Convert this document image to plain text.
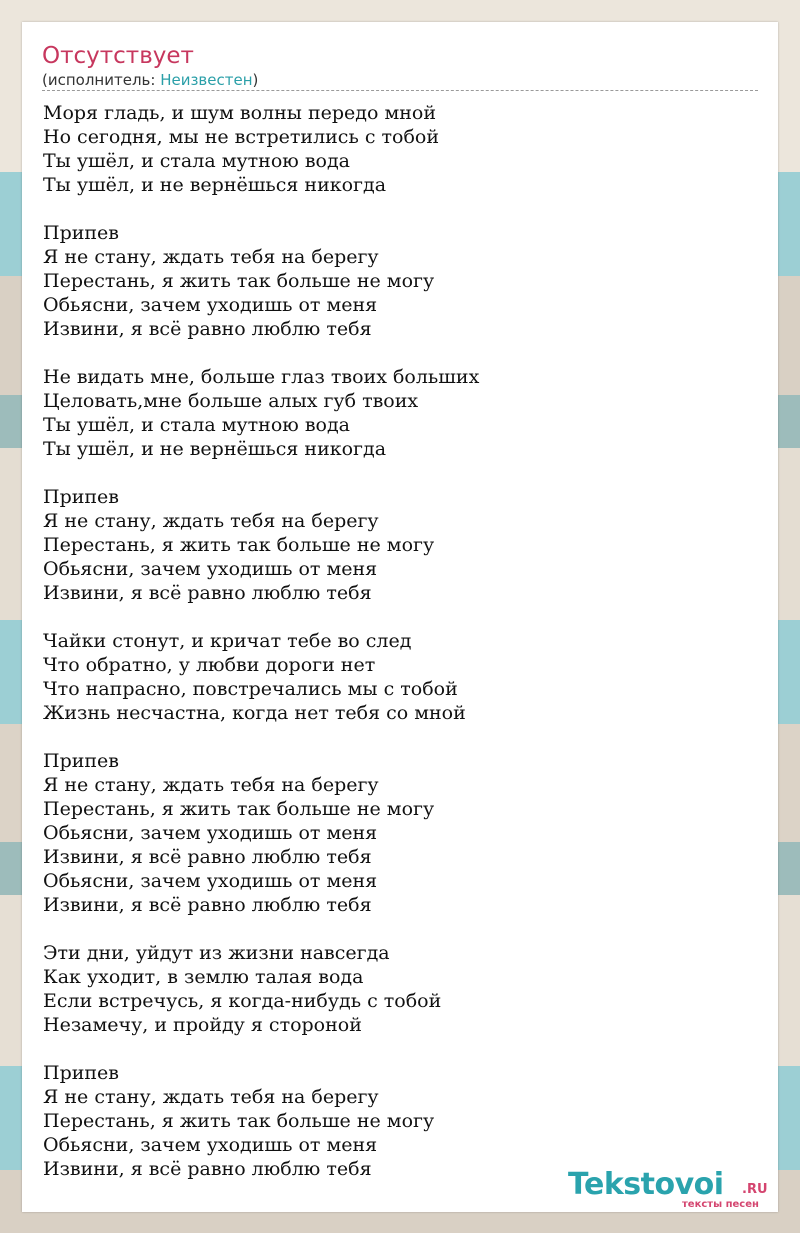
Отсутствует
(исполнитель: Неизвестен)
Моря гладь, и шум волны передо мной
Но сегодня, мы не встретились с тобой
Ты ушёл, и стала мутною вода
Ты ушёл, и не вернёшься никогда
Припев
Я не стану, ждать тебя на берегу
Перестань, я жить так больше не могу
Обьясни, зачем уходишь от меня
Извини, я всё равно люблю тебя
Не видать мне, больше глаз твоих больших
Целовать,мне больше алых губ твоих
Ты ушёл, и стала мутною вода
Ты ушёл, и не вернёшься никогда
Припев
Я не стану, ждать тебя на берегу
Перестань, я жить так больше не могу
Обьясни, зачем уходишь от меня
Извини, я всё равно люблю тебя
Чайки стонут, и кричат тебе во след
Что обратно, у любви дороги нет
Что напрасно, повстречались мы с тобой
Жизнь несчастна, когда нет тебя со мной
Припев
Я не стану, ждать тебя на берегу
Перестань, я жить так больше не могу
Обьясни, зачем уходишь от меня
Извини, я всё равно люблю тебя
Обьясни, зачем уходишь от меня
Извини, я всё равно люблю тебя
Эти дни, уйдут из жизни навсегда
Как уходит, в землю талая вода
Если встречусь, я когда-нибудь с тобой
Незамечу, и пройду я стороной
Припев
Я не стану, ждать тебя на берегу
Перестань, я жить так больше не могу
Обьясни, зачем уходишь от меня
Извини, я всё равно люблю тебя	Tekstovoi .RU
тексты песен
